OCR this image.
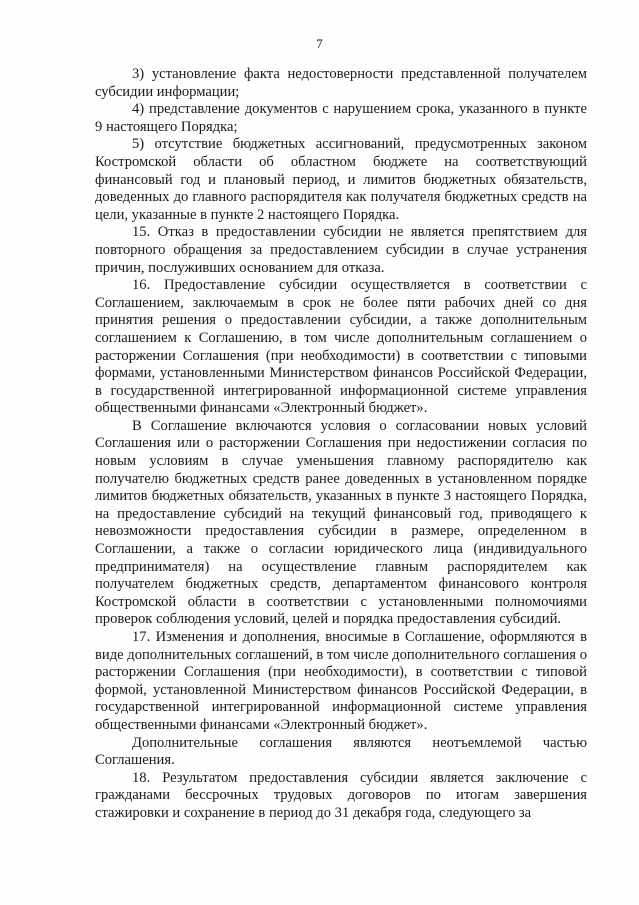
7

3) установление факта недостоверности представленной получателем субсидии информации;

4) представление документов с нарушением срока, указанного в пункте 9 настоящего Порядка;

5) отсутствие бюджетных ассигнований, предусмотренных законом Костромской области об областном бюджете на соответствующий финансовый год и плановый период, и лимитов бюджетных обязательств, доведенных до главного распорядителя как получателя бюджетных средств на цели, указанные в пункте 2 настоящего Порядка.

15. Отказ в предоставлении субсидии не является препятствием для повторного обращения за предоставлением субсидии в случае устранения причин, послуживших основанием для отказа.

16. Предоставление субсидии осуществляется в соответствии с Соглашением, заключаемым в срок не более пяти рабочих дней со дня принятия решения о предоставлении субсидии, а также дополнительным соглашением к Соглашению, в том числе дополнительным соглашением о расторжении Соглашения (при необходимости) в соответствии с типовыми формами, установленными Министерством финансов Российской Федерации, в государственной интегрированной информационной системе управления общественными финансами «Электронный бюджет».

В Соглашение включаются условия о согласовании новых условий Соглашения или о расторжении Соглашения при недостижении согласия по новым условиям в случае уменьшения главному распорядителю как получателю бюджетных средств ранее доведенных в установленном порядке лимитов бюджетных обязательств, указанных в пункте 3 настоящего Порядка, на предоставление субсидий на текущий финансовый год, приводящего к невозможности предоставления субсидии в размере, определенном в Соглашении, а также о согласии юридического лица (индивидуального предпринимателя) на осуществление главным распорядителем как получателем бюджетных средств, департаментом финансового контроля Костромской области в соответствии с установленными полномочиями проверок соблюдения условий, целей и порядка предоставления субсидий.

17. Изменения и дополнения, вносимые в Соглашение, оформляются в виде дополнительных соглашений, в том числе дополнительного соглашения о расторжении Соглашения (при необходимости), в соответствии с типовой формой, установленной Министерством финансов Российской Федерации, в государственной интегрированной информационной системе управления общественными финансами «Электронный бюджет».

Дополнительные соглашения являются неотъемлемой частью Соглашения.

18. Результатом предоставления субсидии является заключение с гражданами бессрочных трудовых договоров по итогам завершения стажировки и сохранение в период до 31 декабря года, следующего за
